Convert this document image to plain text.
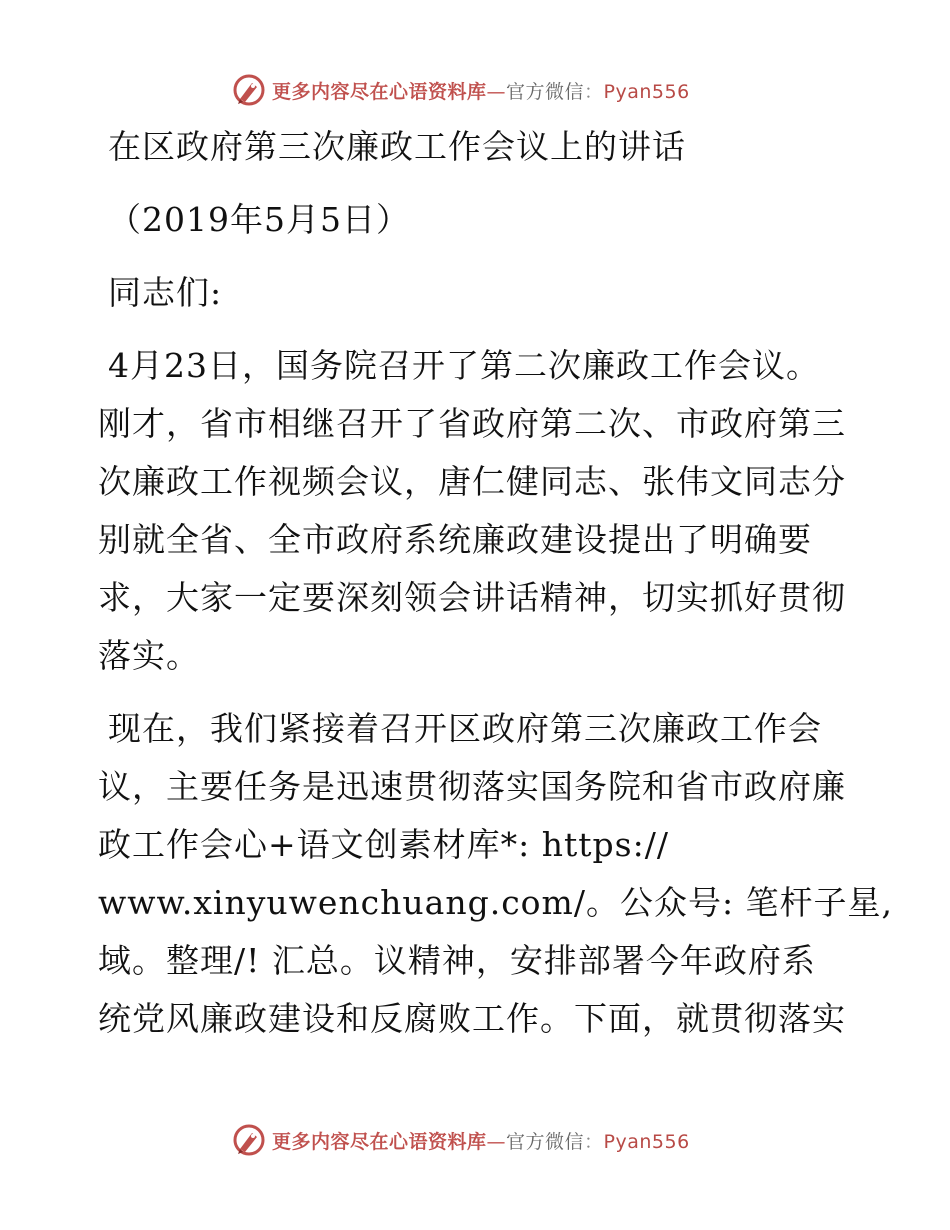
更多内容尽在心语资料库—官方微信：Pyan556
在区政府第三次廉政工作会议上的讲话
（2019年5月5日）
同志们:
4月23日，国务院召开了第二次廉政工作会议。
刚才，省市相继召开了省政府第二次、市政府第三
次廉政工作视频会议，唐仁健同志、张伟文同志分
别就全省、全市政府系统廉政建设提出了明确要
求，大家一定要深刻领会讲话精神，切实抓好贯彻
落实。
现在，我们紧接着召开区政府第三次廉政工作会
议，主要任务是迅速贯彻落实国务院和省市政府廉
政工作会心+语文创素材库*: https://
www.xinyuwenchuang.com/。公众号: 笔杆子星,
域。整理/! 汇总。议精神，安排部署今年政府系
统党风廉政建设和反腐败工作。下面，就贯彻落实
更多内容尽在心语资料库—官方微信：Pyan556
